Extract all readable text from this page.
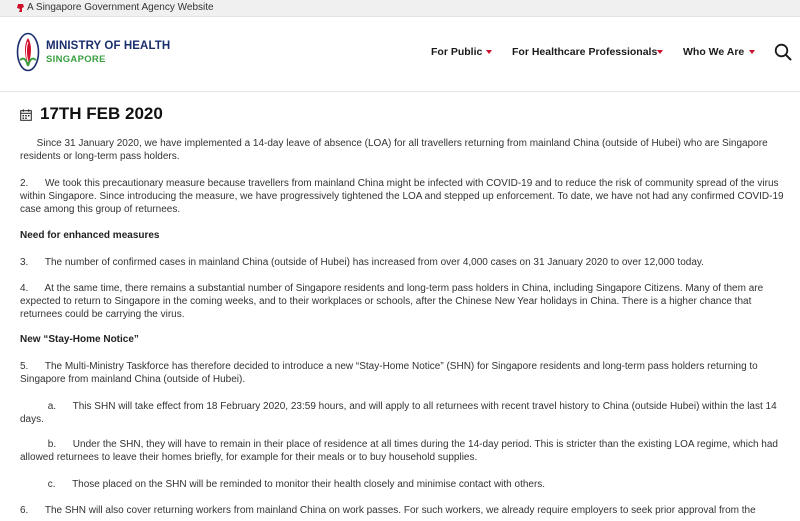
A Singapore Government Agency Website
MINISTRY OF HEALTH
SINGAPORE
For Public	For Healthcare Professionals Who We Are
17TH FEB 2020

Since 31 January 2020, we have implemented a 14-day leave of absence (LOA) for all travellers returning from mainland China (outside of Hubei) who are Singapore residents or long-term pass holders.

2.      We took this precautionary measure because travellers from mainland China might be infected with COVID-19 and to reduce the risk of community spread of the virus within Singapore. Since introducing the measure, we have progressively tightened the LOA and stepped up enforcement. To date, we have not had any confirmed COVID-19 case among this group of returnees.

Need for enhanced measures

3.      The number of confirmed cases in mainland China (outside of Hubei) has increased from over 4,000 cases on 31 January 2020 to over 12,000 today.

4.      At the same time, there remains a substantial number of Singapore residents and long-term pass holders in China, including Singapore Citizens. Many of them are expected to return to Singapore in the coming weeks, and to their workplaces or schools, after the Chinese New Year holidays in China. There is a higher chance that returnees could be carrying the virus.

New “Stay-Home Notice”

5.      The Multi-Ministry Taskforce has therefore decided to introduce a new “Stay-Home Notice” (SHN) for Singapore residents and long-term pass holders returning to Singapore from mainland China (outside of Hubei).

a.      This SHN will take effect from 18 February 2020, 23:59 hours, and will apply to all returnees with recent travel history to China (outside Hubei) within the last 14 days.

b.      Under the SHN, they will have to remain in their place of residence at all times during the 14-day period. This is stricter than the existing LOA regime, which had allowed returnees to leave their homes briefly, for example for their meals or to buy household supplies.

c.      Those placed on the SHN will be reminded to monitor their health closely and minimise contact with others.

6.      The SHN will also cover returning workers from mainland China on work passes. For such workers, we already require employers to seek prior approval from the
